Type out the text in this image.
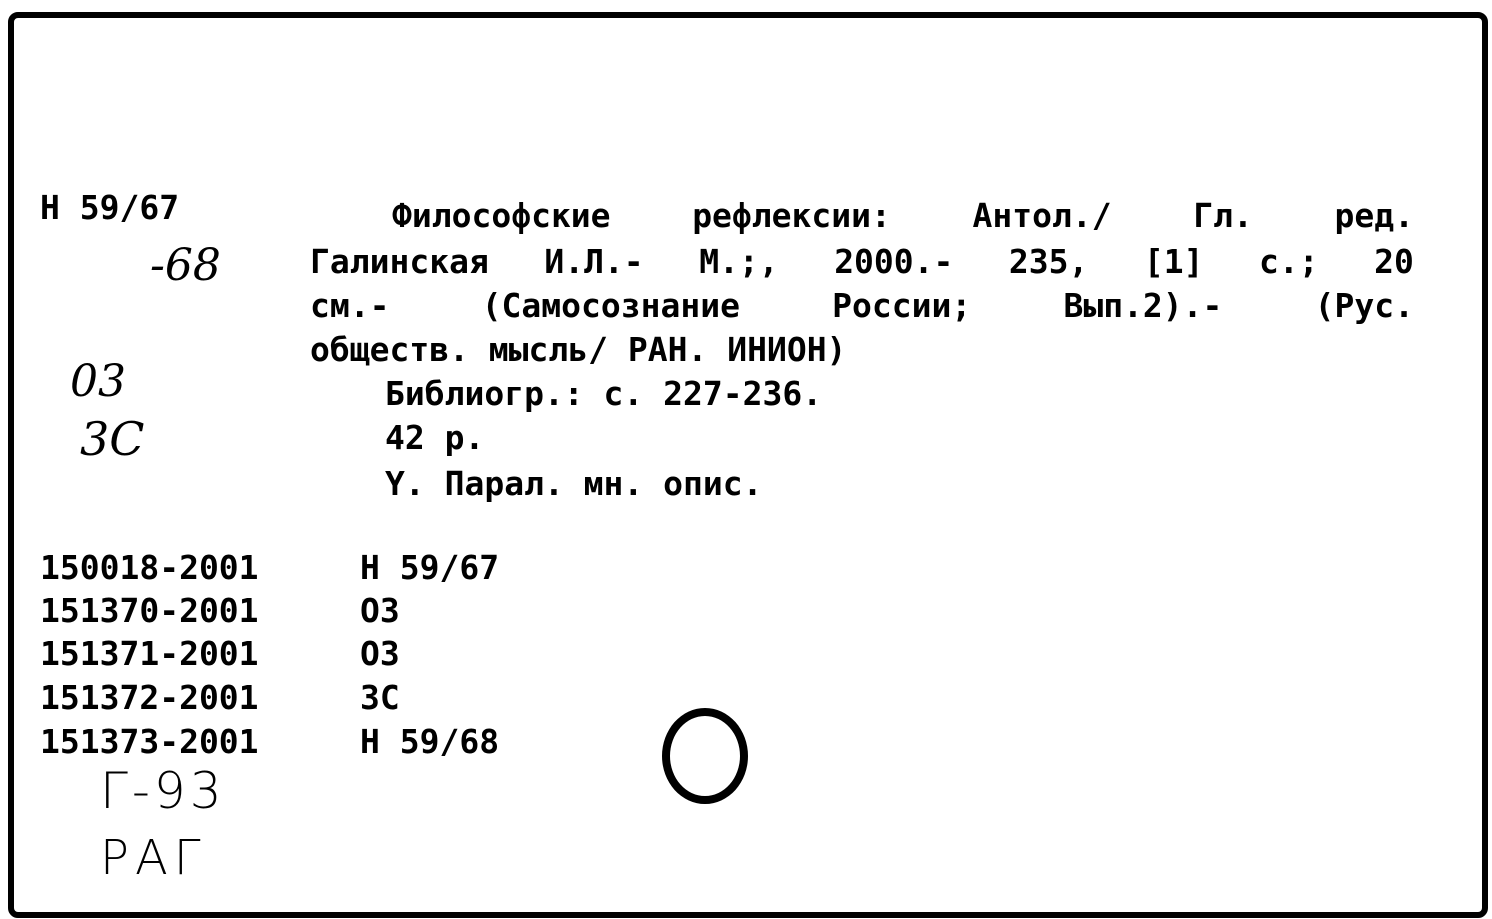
Н 59/67
-68
03
3С
Г-93
РАГ
Философские рефлексии: Антол./ Гл. ред.
Галинская И.Л.- М.;, 2000.- 235, [1] с.; 20
см.-	(Самосознание	России;	Вып.2).-	(Рус.
обществ. мысль/ РАН. ИНИОН)
Библиогр.: с. 227-236.
42 р.
Y. Парал. мн. опис.
150018-2001	Н 59/67
151370-2001	ОЗ
151371-2001	ОЗ
151372-2001	ЗС
151373-2001	Н 59/68
